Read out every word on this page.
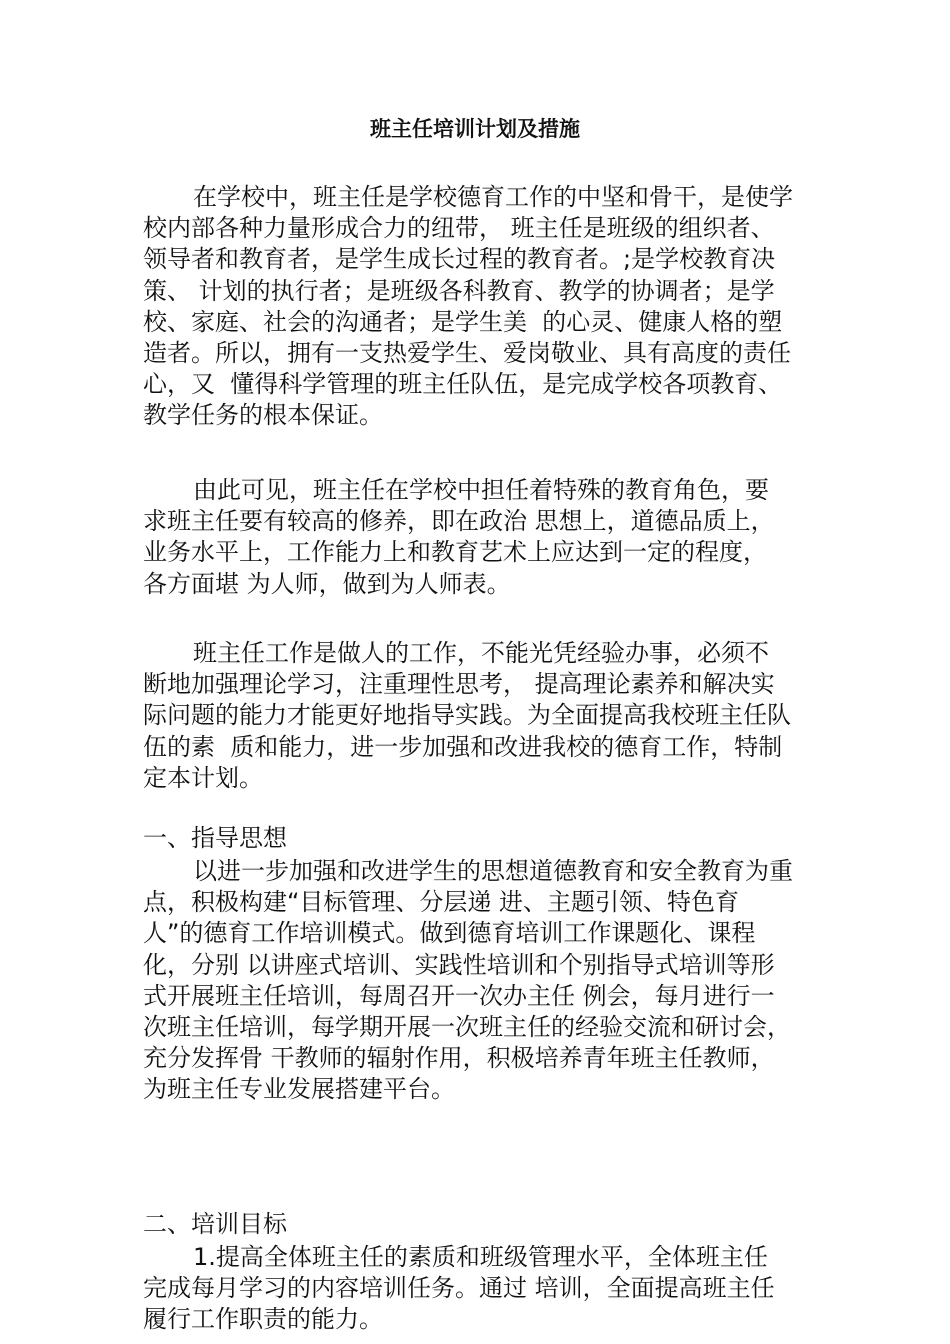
班主任培训计划及措施
在学校中，班主任是学校德育工作的中坚和骨干，是使学
校内部各种力量形成合力的纽带， 班主任是班级的组织者、
领导者和教育者，是学生成长过程的教育者。;是学校教育决
策、 计划的执行者；是班级各科教育、教学的协调者；是学
校、家庭、社会的沟通者；是学生美  的心灵、健康人格的塑
造者。所以，拥有一支热爱学生、爱岗敬业、具有高度的责任
心，又  懂得科学管理的班主任队伍，是完成学校各项教育、
教学任务的根本保证。
由此可见，班主任在学校中担任着特殊的教育角色，要
求班主任要有较高的修养，即在政治 思想上，道德品质上，
业务水平上，工作能力上和教育艺术上应达到一定的程度，
各方面堪 为人师，做到为人师表。
班主任工作是做人的工作，不能光凭经验办事，必须不
断地加强理论学习，注重理性思考， 提高理论素养和解决实
际问题的能力才能更好地指导实践。为全面提高我校班主任队
伍的素  质和能力，进一步加强和改进我校的德育工作，特制
定本计划。
一、指导思想
以进一步加强和改进学生的思想道德教育和安全教育为重
点，积极构建“目标管理、分层递 进、主题引领、特色育
人”的德育工作培训模式。做到德育培训工作课题化、课程
化，分别 以讲座式培训、实践性培训和个别指导式培训等形
式开展班主任培训，每周召开一次办主任 例会，每月进行一
次班主任培训，每学期开展一次班主任的经验交流和研讨会，
充分发挥骨 干教师的辐射作用，积极培养青年班主任教师，
为班主任专业发展搭建平台。
二、培训目标
1.提高全体班主任的素质和班级管理水平，全体班主任
完成每月学习的内容培训任务。通过 培训，全面提高班主任
履行工作职责的能力。
